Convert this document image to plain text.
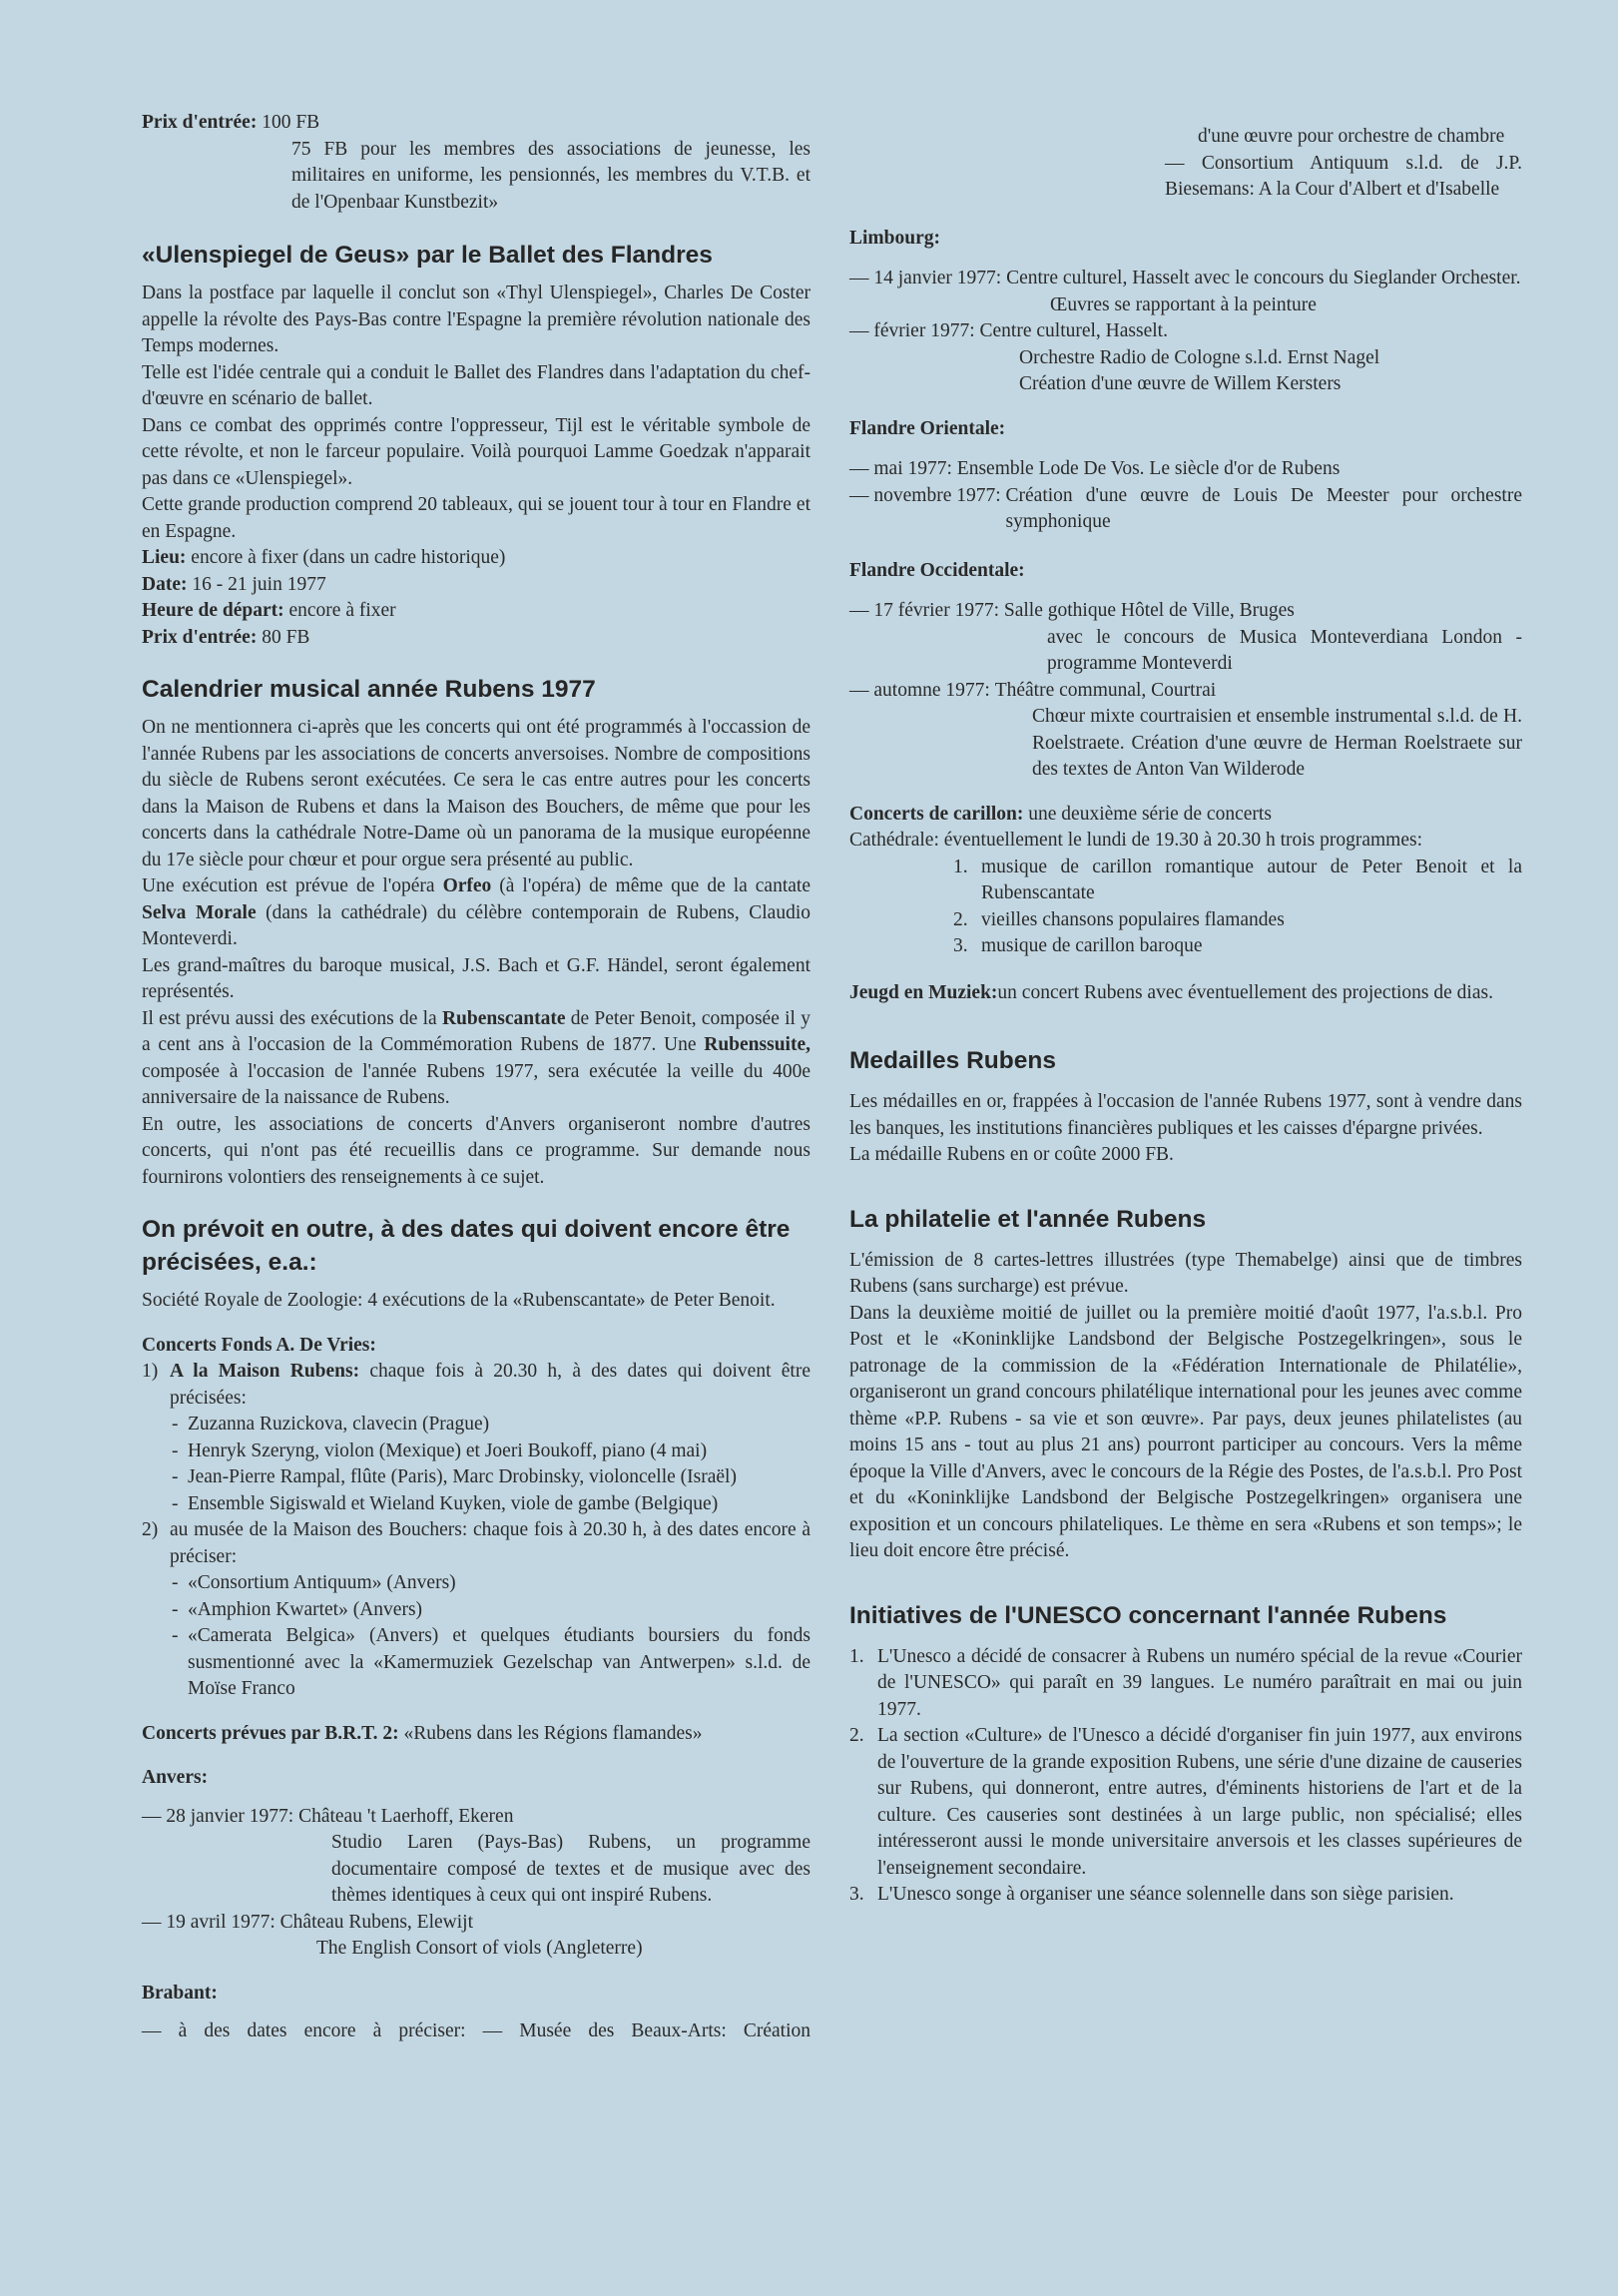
Prix d'entrée:
100 FB

75 FB pour les membres des associations de jeunesse, les militaires en uniforme, les pensionnés, les membres du V.T.B. et de l'Openbaar Kunstbezit»

«Ulenspiegel de Geus» par le Ballet des Flandres

Dans la postface par laquelle il conclut son «Thyl Ulenspiegel», Charles De Coster appelle la révolte des Pays-Bas contre l'Espagne la première révolution nationale des Temps modernes.

Telle est l'idée centrale qui a conduit le Ballet des Flandres dans l'adaptation du chef-d'œuvre en scénario de ballet.

Dans ce combat des opprimés contre l'oppresseur, Tijl est le véritable symbole de cette révolte, et non le farceur populaire. Voilà pourquoi Lamme Goedzak n'apparait pas dans ce «Ulenspiegel».

Cette grande production comprend 20 tableaux, qui se jouent tour à tour en Flandre et en Espagne.

Lieu: encore à fixer (dans un cadre historique)
Date: 16 - 21 juin 1977
Heure de départ: encore à fixer
Prix d'entrée: 80 FB
Calendrier musical année Rubens 1977

On ne mentionnera ci-après que les concerts qui ont été programmés à l'occassion de l'année Rubens par les associations de concerts anversoises. Nombre de compositions du siècle de Rubens seront exécutées. Ce sera le cas entre autres pour les concerts dans la Maison de Rubens et dans la Maison des Bouchers, de même que pour les concerts dans la cathédrale Notre-Dame où un panorama de la musique européenne du 17e siècle pour chœur et pour orgue sera présenté au public.

Une exécution est prévue de l'opéra Orfeo (à l'opéra) de même que de la cantate Selva Morale (dans la cathédrale) du célèbre contemporain de Rubens, Claudio Monteverdi.

Les grand-maîtres du baroque musical, J.S. Bach et G.F. Händel, seront également représentés.

Il est prévu aussi des exécutions de la Rubenscantate de Peter Benoit, composée il y a cent ans à l'occasion de la Commémoration Rubens de 1877. Une Rubenssuite, composée à l'occasion de l'année Rubens 1977, sera exécutée la veille du 400e anniversaire de la naissance de Rubens.

En outre, les associations de concerts d'Anvers organiseront nombre d'autres concerts, qui n'ont pas été recueillis dans ce programme. Sur demande nous fournirons volontiers des renseignements à ce sujet.

On prévoit en outre, à des dates qui doivent encore être précisées, e.a.:

Société Royale de Zoologie: 4 exécutions de la «Rubenscantate» de Peter Benoit.

Concerts Fonds A. De Vries:
1) A la Maison Rubens: chaque fois à 20.30 h, à des dates qui doivent être précisées:
- Zuzanna Ruzickova, clavecin (Prague)
- Henryk Szeryng, violon (Mexique) et Joeri Boukoff, piano (4 mai)
- Jean-Pierre Rampal, flûte (Paris), Marc Drobinsky, violoncelle (Israël)
- Ensemble Sigiswald et Wieland Kuyken, viole de gambe (Belgique)
2) au musée de la Maison des Bouchers: chaque fois à 20.30 h, à des dates encore à préciser:
- «Consortium Antiquum» (Anvers)
- «Amphion Kwartet» (Anvers)
- «Camerata Belgica» (Anvers) et quelques étudiants boursiers du fonds susmentionné avec la «Kamermuziek Gezelschap van Antwerpen» s.l.d. de Moïse Franco
Concerts prévues par B.R.T. 2: «Rubens dans les Régions flamandes»
Anvers:
— 28 janvier 1977: Château 't Laerhoff, Ekeren

Studio Laren (Pays-Bas) Rubens, un programme documentaire composé de textes et de musique avec des thèmes identiques à ceux qui ont inspiré Rubens.

— 19 avril 1977: Château Rubens, Elewijt

The English Consort of viols (Angleterre)

Brabant:

— à des dates encore à préciser: — Musée des Beaux-Arts: Création

d'une œuvre pour orchestre de chambre

— Consortium Antiquum s.l.d. de J.P. Biesemans: A la Cour d'Albert et d'Isabelle

Limbourg:
— 14 janvier 1977: Centre culturel, Hasselt avec le concours du Sieglander Orchester.

Œuvres se rapportant à la peinture

— février 1977: Centre culturel, Hasselt.

Orchestre Radio de Cologne s.l.d. Ernst Nagel

Création d'une œuvre de Willem Kersters

Flandre Orientale:
— mai 1977: Ensemble Lode De Vos. Le siècle d'or de Rubens
— novembre 1977: Création d'une œuvre de Louis De Meester pour orchestre symphonique
Flandre Occidentale:
— 17 février 1977: Salle gothique Hôtel de Ville, Bruges

avec le concours de Musica Monteverdiana London - programme Monteverdi

— automne 1977: Théâtre communal, Courtrai

Chœur mixte courtraisien et ensemble instrumental s.l.d. de H. Roelstraete. Création d'une œuvre de Herman Roelstraete sur des textes de Anton Van Wilderode

Concerts de carillon: une deuxième série de concerts

Cathédrale: éventuellement le lundi de 19.30 à 20.30 h trois programmes:

1. musique de carillon romantique autour de Peter Benoit et la Rubenscantate
2. vieilles chansons populaires flamandes
3. musique de carillon baroque
Jeugd en Muziek: un concert Rubens avec éventuellement des projections de dias.
Medailles Rubens

Les médailles en or, frappées à l'occasion de l'année Rubens 1977, sont à vendre dans les banques, les institutions financières publiques et les caisses d'épargne privées.

La médaille Rubens en or coûte 2000 FB.

La philatelie et l'année Rubens

L'émission de 8 cartes-lettres illustrées (type Themabelge) ainsi que de timbres Rubens (sans surcharge) est prévue.

Dans la deuxième moitié de juillet ou la première moitié d'août 1977, l'a.s.b.l. Pro Post et le «Koninklijke Landsbond der Belgische Postzegelkringen», sous le patronage de la commission de la «Fédération Internationale de Philatélie», organiseront un grand concours philatélique international pour les jeunes avec comme thème «P.P. Rubens - sa vie et son œuvre». Par pays, deux jeunes philatelistes (au moins 15 ans - tout au plus 21 ans) pourront participer au concours. Vers la même époque la Ville d'Anvers, avec le concours de la Régie des Postes, de l'a.s.b.l. Pro Post et du «Koninklijke Landsbond der Belgische Postzegelkringen» organisera une exposition et un concours philateliques. Le thème en sera «Rubens et son temps»; le lieu doit encore être précisé.

Initiatives de l'UNESCO concernant l'année Rubens
1. L'Unesco a décidé de consacrer à Rubens un numéro spécial de la revue «Courier de l'UNESCO» qui paraît en 39 langues. Le numéro paraîtrait en mai ou juin 1977.
2. La section «Culture» de l'Unesco a décidé d'organiser fin juin 1977, aux environs de l'ouverture de la grande exposition Rubens, une série d'une dizaine de causeries sur Rubens, qui donneront, entre autres, d'éminents historiens de l'art et de la culture. Ces causeries sont destinées à un large public, non spécialisé; elles intéresseront aussi le monde universitaire anversois et les classes supérieures de l'enseignement secondaire.
3. L'Unesco songe à organiser une séance solennelle dans son siège parisien.
